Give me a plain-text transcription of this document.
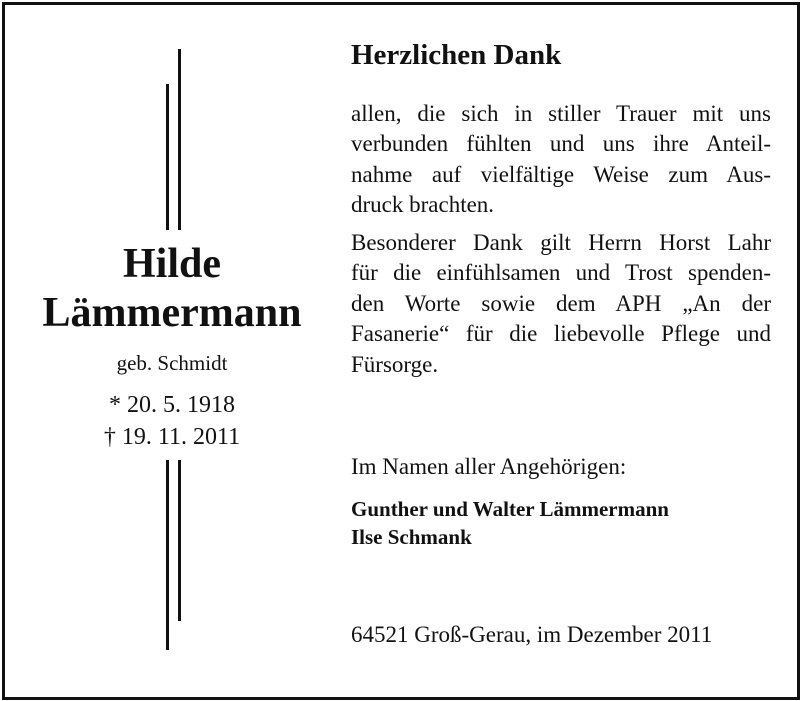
Hilde
Lämmermann
geb. Schmidt
* 20. 5. 1918
† 19. 11. 2011
Herzlichen Dank
allen, die sich in stiller Trauer mit uns
verbunden fühlten und uns ihre Anteil-
nahme auf vielfältige Weise zum Aus-
druck brachten.
Besonderer Dank gilt Herrn Horst Lahr
für die einfühlsamen und Trost spenden-
den Worte sowie dem APH „An der
Fasanerie“ für die liebevolle Pflege und
Fürsorge.
Im Namen aller Angehörigen:
Gunther und Walter Lämmermann
Ilse Schmank
64521 Groß-Gerau, im Dezember 2011
